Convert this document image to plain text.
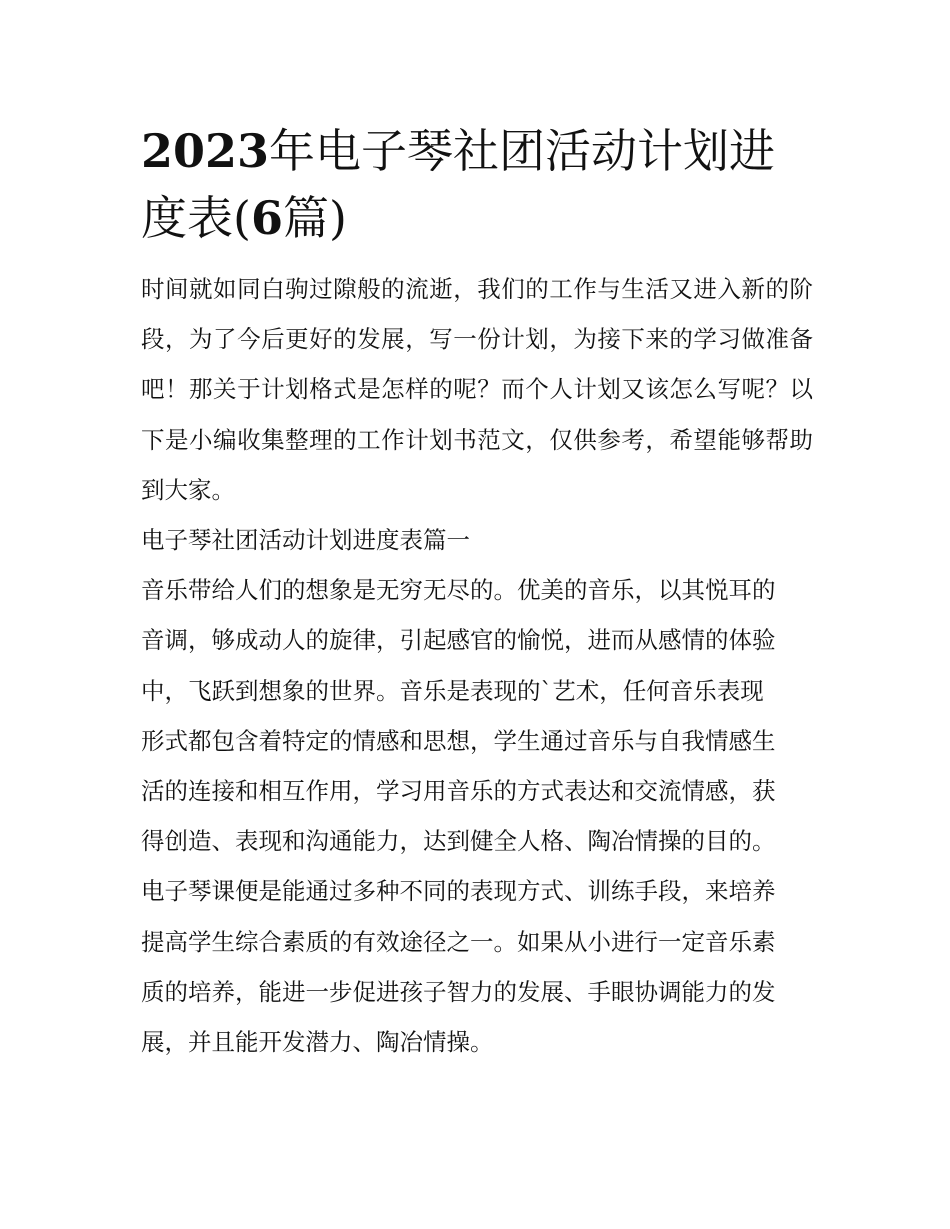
2023年电子琴社团活动计划进
度表(6篇)

时间就如同白驹过隙般的流逝，我们的工作与生活又进入新的阶段，为了今后更好的发展，写一份计划，为接下来的学习做准备吧！那关于计划格式是怎样的呢？而个人计划又该怎么写呢？以下是小编收集整理的工作计划书范文，仅供参考，希望能够帮助到大家。

电子琴社团活动计划进度表篇一

音乐带给人们的想象是无穷无尽的。优美的音乐，以其悦耳的

音调，够成动人的旋律，引起感官的愉悦，进而从感情的体验

中，飞跃到想象的世界。音乐是表现的`艺术，任何音乐表现

形式都包含着特定的情感和思想，学生通过音乐与自我情感生

活的连接和相互作用，学习用音乐的方式表达和交流情感，获

得创造、表现和沟通能力，达到健全人格、陶冶情操的目的。

电子琴课便是能通过多种不同的表现方式、训练手段，来培养

提高学生综合素质的有效途径之一。如果从小进行一定音乐素

质的培养，能进一步促进孩子智力的发展、手眼协调能力的发

展，并且能开发潜力、陶冶情操。
